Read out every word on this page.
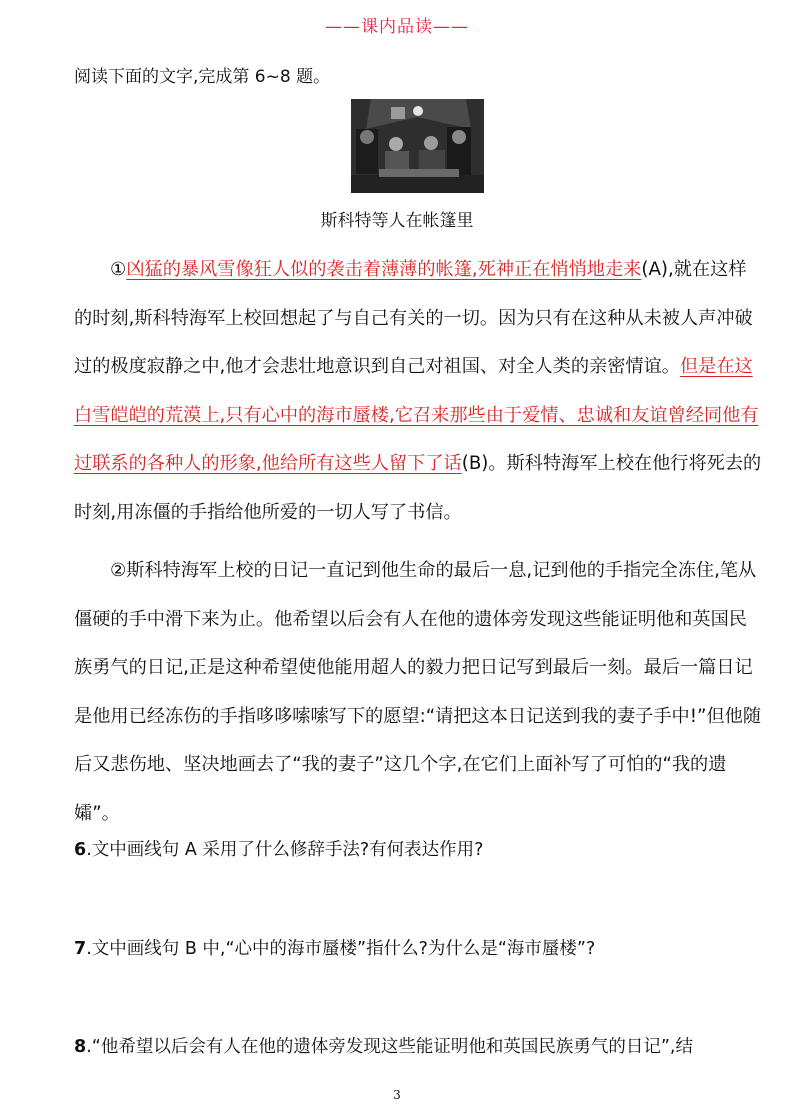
——课内品读——
阅读下面的文字,完成第 6~8 题。
斯科特等人在帐篷里

①凶猛的暴风雪像狂人似的袭击着薄薄的帐篷,死神正在悄悄地走来(A),就在这样的时刻,斯科特海军上校回想起了与自己有关的一切。因为只有在这种从未被人声冲破过的极度寂静之中,他才会悲壮地意识到自己对祖国、对全人类的亲密情谊。但是在这白雪皑皑的荒漠上,只有心中的海市蜃楼,它召来那些由于爱情、忠诚和友谊曾经同他有过联系的各种人的形象,他给所有这些人留下了话(B)。斯科特海军上校在他行将死去的时刻,用冻僵的手指给他所爱的一切人写了书信。

②斯科特海军上校的日记一直记到他生命的最后一息,记到他的手指完全冻住,笔从僵硬的手中滑下来为止。他希望以后会有人在他的遗体旁发现这些能证明他和英国民族勇气的日记,正是这种希望使他能用超人的毅力把日记写到最后一刻。最后一篇日记是他用已经冻伤的手指哆哆嗦嗦写下的愿望:“请把这本日记送到我的妻子手中!”但他随后又悲伤地、坚决地画去了“我的妻子”这几个字,在它们上面补写了可怕的“我的遗孀”。

6.文中画线句 A 采用了什么修辞手法?有何表达作用?
7.文中画线句 B 中,“心中的海市蜃楼”指什么?为什么是“海市蜃楼”?
8.“他希望以后会有人在他的遗体旁发现这些能证明他和英国民族勇气的日记”,结
3
